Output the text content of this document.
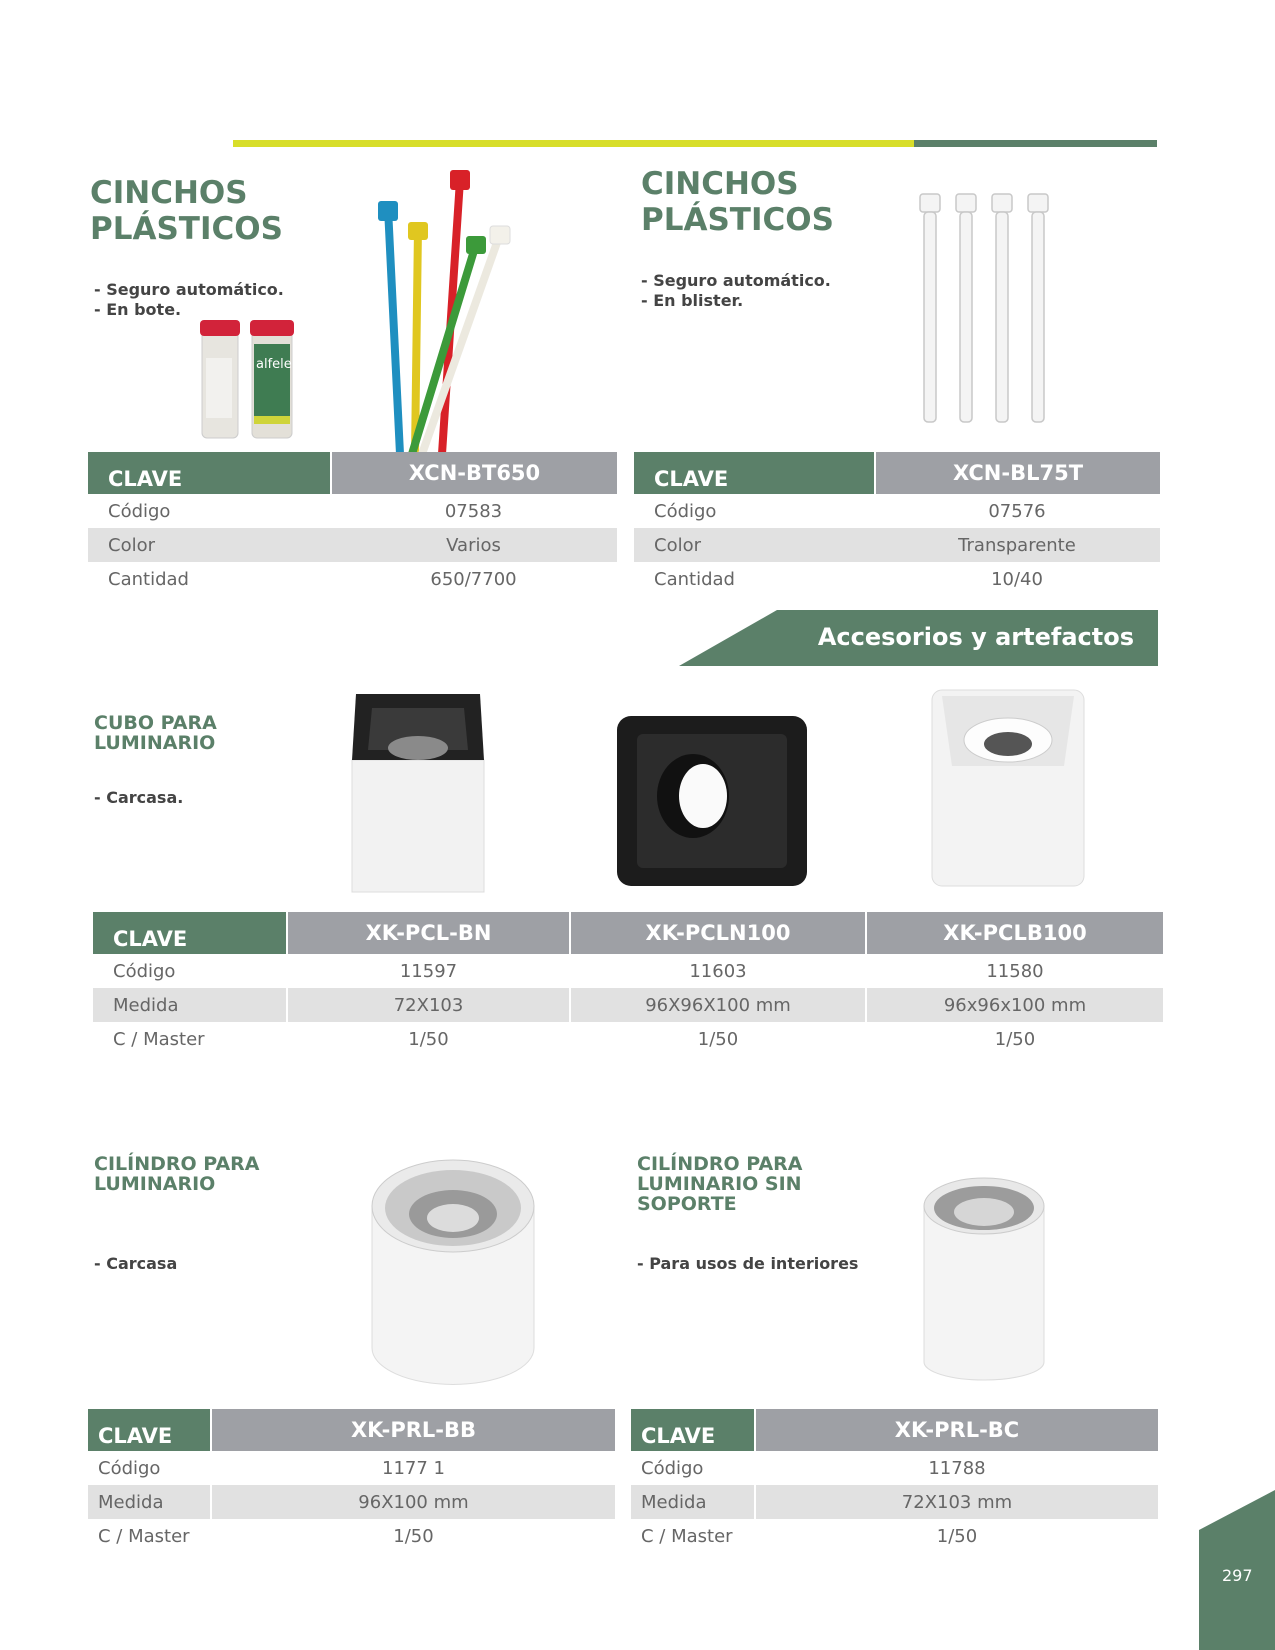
CINCHOS

PLÁSTICOS

- Seguro automático.
- En bote.
alfelec
CLAVE	XCN-BT650
Código	07583
Color	Varios
Cantidad	650/7700

CINCHOS

PLÁSTICOS

- Seguro automático.
- En blister.
CLAVE	XCN-BL75T
Código	07576
Color	Transparente
Cantidad	10/40
Accesorios y artefactos

CUBO PARA

LUMINARIO

- Carcasa.
CLAVE	XK-PCL-BN	XK-PCLN100	XK-PCLB100
Código	11597	11603	11580
Medida	72X103	96X96X100 mm	96x96x100 mm
C / Master	1/50	1/50	1/50

CILÍNDRO PARA

LUMINARIO

- Carcasa
CLAVE	XK-PRL-BB
Código	1177 1
Medida	96X100 mm
C / Master	1/50

CILÍNDRO PARA

LUMINARIO SIN

SOPORTE

- Para usos de interiores
CLAVE	XK-PRL-BC
Código	11788
Medida	72X103 mm
C / Master	1/50
297
